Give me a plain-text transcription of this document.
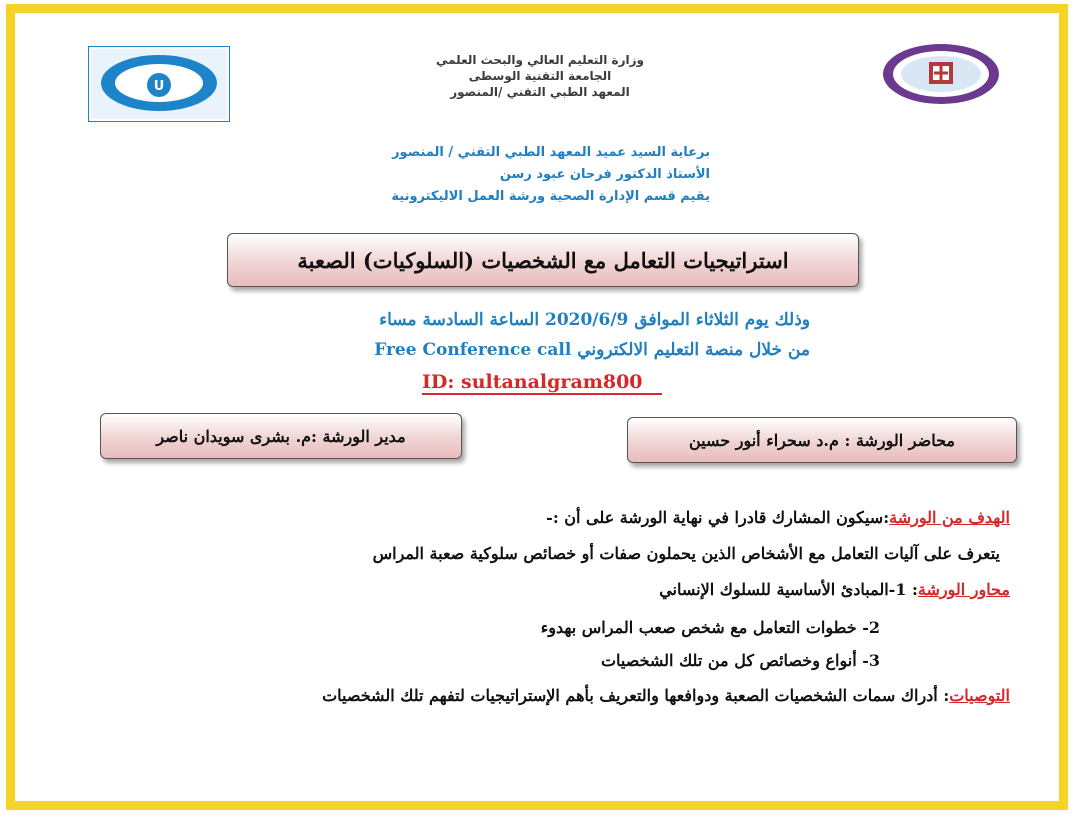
U
وزارة التعليم العالي والبحث العلمي
الجامعة التقنية الوسطى
المعهد الطبي التقني /المنصور
برعاية السيد عميد المعهد الطبي التقني / المنصور
الأستاذ الدكتور فرحان عبود رسن
يقيم قسم الإدارة الصحية ورشة العمل الاليكترونية
استراتيجيات التعامل مع الشخصيات (السلوكيات) الصعبة
وذلك يوم الثلاثاء الموافق 2020/6/9 الساعة السادسة مساء
من خلال منصة التعليم الالكتروني Free Conference call
ID: sultanalgram800
مدير الورشة :م. بشرى سويدان ناصر	محاضر الورشة : م.د سحراء أنور حسين
الهدف من الورشة:سيكون المشارك قادرا في نهاية الورشة على أن :-
يتعرف على آليات التعامل مع الأشخاص الذين يحملون صفات أو خصائص سلوكية صعبة المراس
محاور الورشة: 1-المبادئ الأساسية للسلوك الإنساني
2- خطوات التعامل مع شخص صعب المراس بهدوء
3- أنواع وخصائص كل من تلك الشخصيات
التوصيات: أدراك سمات الشخصيات الصعبة ودوافعها والتعريف بأهم الإستراتيجيات لتفهم تلك الشخصيات
